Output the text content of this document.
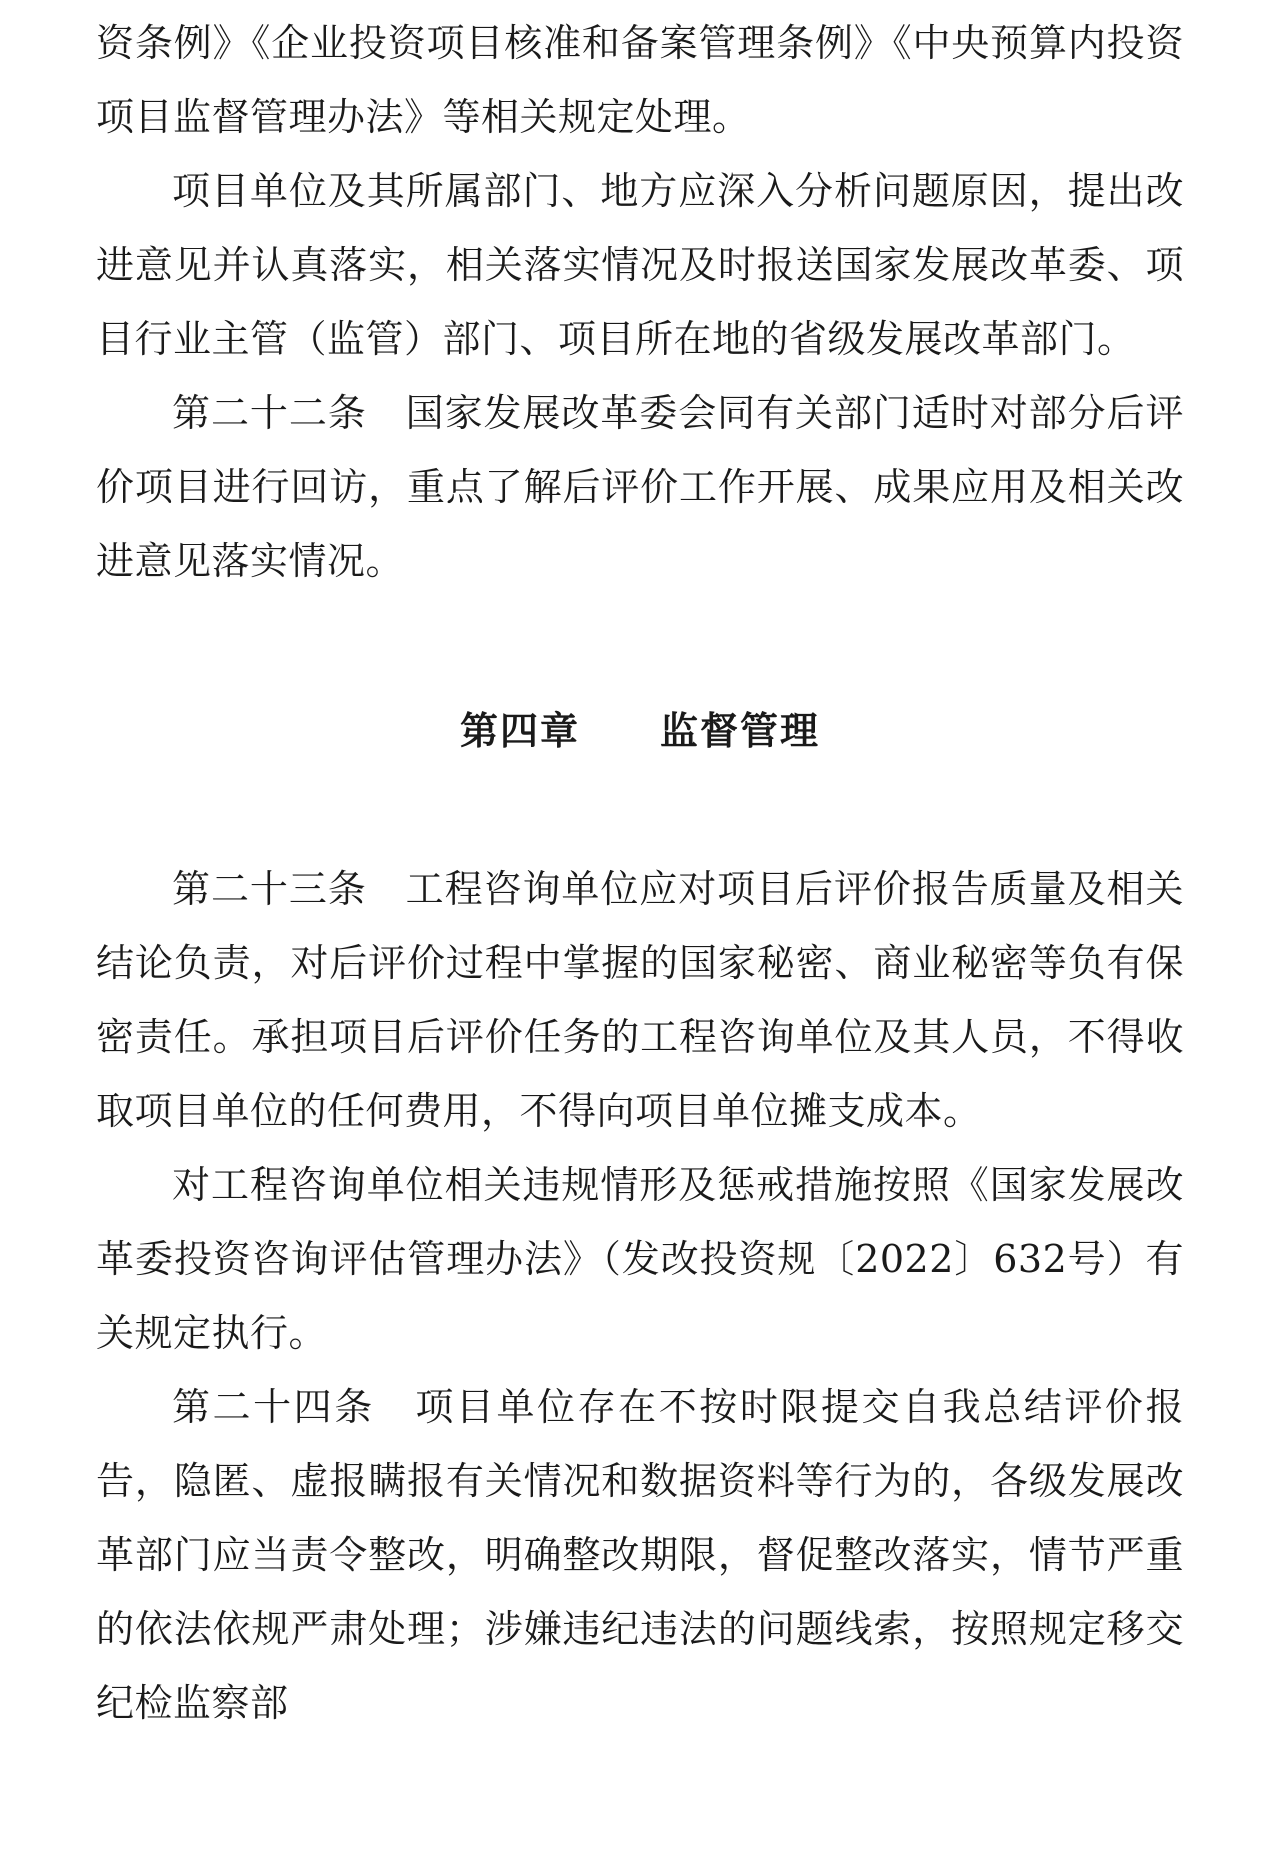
资条例》《企业投资项目核准和备案管理条例》《中央预算内投资项目监督管理办法》等相关规定处理。

项目单位及其所属部门、地方应深入分析问题原因，提出改进意见并认真落实，相关落实情况及时报送国家发展改革委、项目行业主管（监管）部门、项目所在地的省级发展改革部门。

第二十二条　国家发展改革委会同有关部门适时对部分后评价项目进行回访，重点了解后评价工作开展、成果应用及相关改进意见落实情况。

第四章　　监督管理

第二十三条　工程咨询单位应对项目后评价报告质量及相关结论负责，对后评价过程中掌握的国家秘密、商业秘密等负有保密责任。承担项目后评价任务的工程咨询单位及其人员，不得收取项目单位的任何费用，不得向项目单位摊支成本。

对工程咨询单位相关违规情形及惩戒措施按照《国家发展改革委投资咨询评估管理办法》（发改投资规〔2022〕632号）有关规定执行。

第二十四条　项目单位存在不按时限提交自我总结评价报告，隐匿、虚报瞒报有关情况和数据资料等行为的，各级发展改革部门应当责令整改，明确整改期限，督促整改落实，情节严重的依法依规严肃处理；涉嫌违纪违法的问题线索，按照规定移交纪检监察部
